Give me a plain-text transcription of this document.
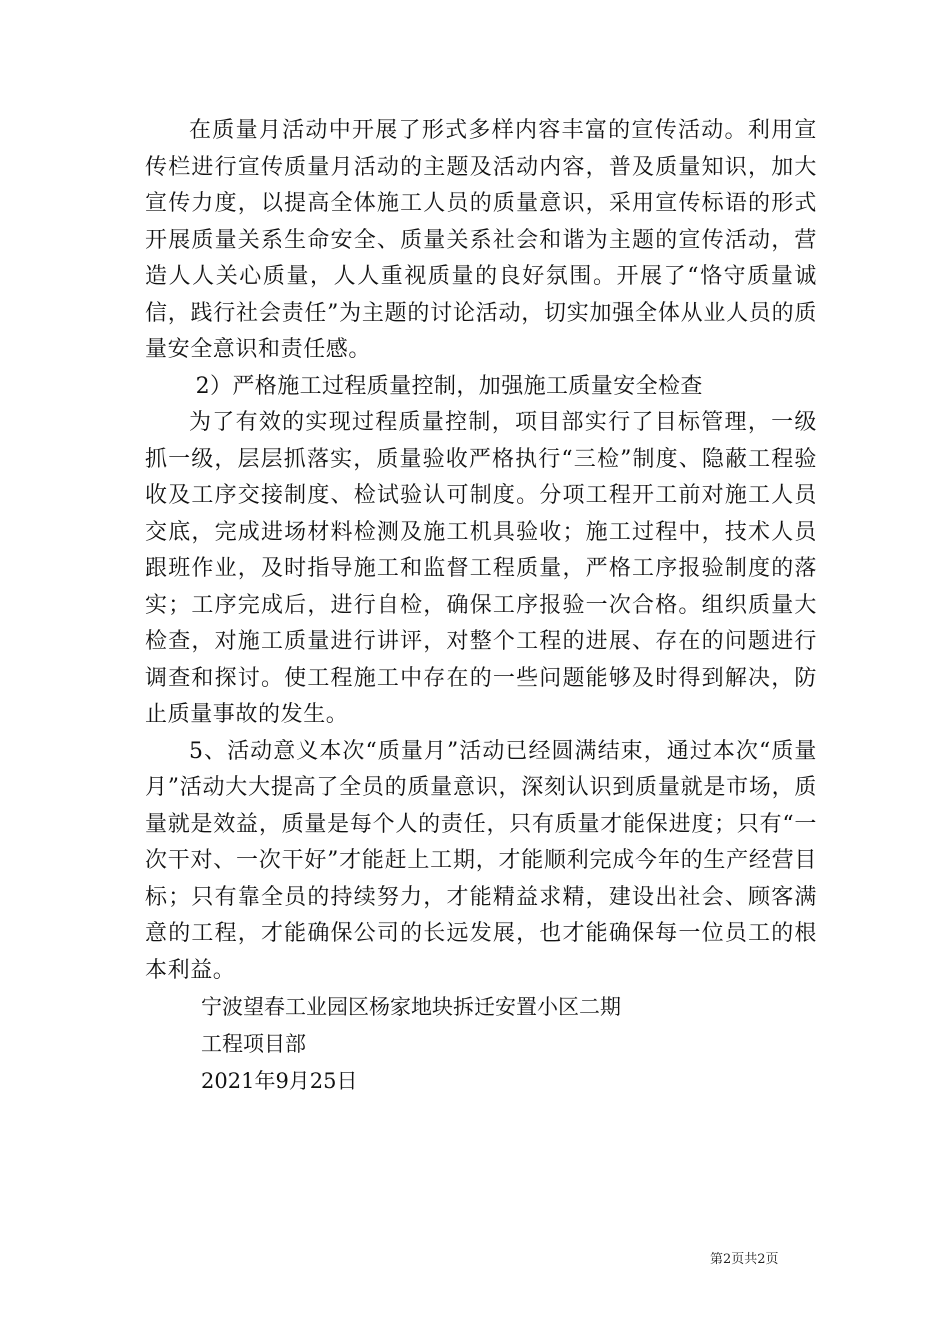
在质量月活动中开展了形式多样内容丰富的宣传活动。利用宣传栏进行宣传质量月活动的主题及活动内容，普及质量知识，加大宣传力度，以提高全体施工人员的质量意识，采用宣传标语的形式开展质量关系生命安全、质量关系社会和谐为主题的宣传活动，营造人人关心质量，人人重视质量的良好氛围。开展了“恪守质量诚信，践行社会责任”为主题的讨论活动，切实加强全体从业人员的质量安全意识和责任感。

2）严格施工过程质量控制，加强施工质量安全检查

为了有效的实现过程质量控制，项目部实行了目标管理，一级抓一级，层层抓落实，质量验收严格执行“三检”制度、隐蔽工程验收及工序交接制度、检试验认可制度。分项工程开工前对施工人员交底，完成进场材料检测及施工机具验收；施工过程中，技术人员跟班作业，及时指导施工和监督工程质量，严格工序报验制度的落实；工序完成后，进行自检，确保工序报验一次合格。组织质量大检查，对施工质量进行讲评，对整个工程的进展、存在的问题进行调查和探讨。使工程施工中存在的一些问题能够及时得到解决，防止质量事故的发生。

5、活动意义本次“质量月”活动已经圆满结束，通过本次“质量月”活动大大提高了全员的质量意识，深刻认识到质量就是市场，质量就是效益，质量是每个人的责任，只有质量才能保进度；只有“一次干对、一次干好”才能赶上工期，才能顺利完成今年的生产经营目标；只有靠全员的持续努力，才能精益求精，建设出社会、顾客满意的工程，才能确保公司的长远发展，也才能确保每一位员工的根本利益。

宁波望春工业园区杨家地块拆迁安置小区二期

工程项目部

2021年9月25日

第2页共2页
